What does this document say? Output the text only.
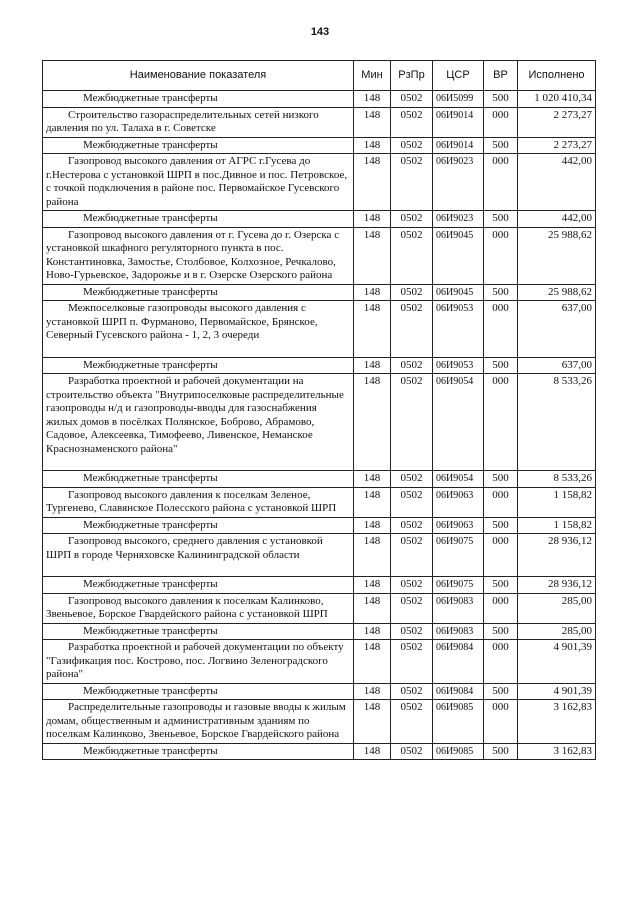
143
Наименование показателя	Мин	РзПр	ЦСР	ВР	Исполнено
Межбюджетные трансферты	148	0502	06И5099	500	1 020 410,34

Строительство газораспределительных сетей низкого давления по ул. Талаха в г. Советске	148	0502	06И9014	000	2 273,27
Межбюджетные трансферты	148	0502	06И9014	500	2 273,27

Газопровод высокого давления от АГРС г.Гусева до г.Нестерова с установкой ШРП в пос.Дивное и пос. Петровское, с точкой подключения в районе пос. Первомайское Гусевского района	148	0502	06И9023	000	442,00
Межбюджетные трансферты	148	0502	06И9023	500	442,00

Газопровод высокого давления от г. Гусева до г. Озерска с установкой шкафного регуляторного пункта в пос. Константиновка, Замостье, Столбовое, Колхозное, Речкалово, Ново-Гурьевское, Задорожье и в г. Озерске Озерского района	148	0502	06И9045	000	25 988,62
Межбюджетные трансферты	148	0502	06И9045	500	25 988,62

Межпоселковые газопроводы высокого давления с установкой ШРП п. Фурманово, Первомайское, Брянское, Северный Гусевского района - 1, 2, 3 очереди	148	0502	06И9053	000	637,00
Межбюджетные трансферты	148	0502	06И9053	500	637,00

Разработка проектной и рабочей документации на строительство объекта "Внутрипоселковые распределительные газопроводы н/д и газопроводы-вводы для газоснабжения жилых домов в посёлках Полянское, Боброво, Абрамово, Садовое, Алексеевка, Тимофеево, Ливенское, Неманское Краснознаменского района"	148	0502	06И9054	000	8 533,26
Межбюджетные трансферты	148	0502	06И9054	500	8 533,26

Газопровод высокого давления к поселкам Зеленое, Тургенево, Славянское Полесского района с установкой ШРП	148	0502	06И9063	000	1 158,82
Межбюджетные трансферты	148	0502	06И9063	500	1 158,82

Газопровод высокого, среднего давления с установкой ШРП в городе Черняховске Калининградской области	148	0502	06И9075	000	28 936,12
Межбюджетные трансферты	148	0502	06И9075	500	28 936,12

Газопровод высокого давления к поселкам Калинково, Звеньевое, Борское Гвардейского района с установкой ШРП	148	0502	06И9083	000	285,00
Межбюджетные трансферты	148	0502	06И9083	500	285,00

Разработка проектной и рабочей документации по объекту "Газификация пос. Кострово, пос. Логвино Зеленоградского района"	148	0502	06И9084	000	4 901,39
Межбюджетные трансферты	148	0502	06И9084	500	4 901,39

Распределительные газопроводы и газовые вводы к жилым домам, общественным и административным зданиям по поселкам Калинково, Звеньевое, Борское Гвардейского района	148	0502	06И9085	000	3 162,83
Межбюджетные трансферты	148	0502	06И9085	500	3 162,83
